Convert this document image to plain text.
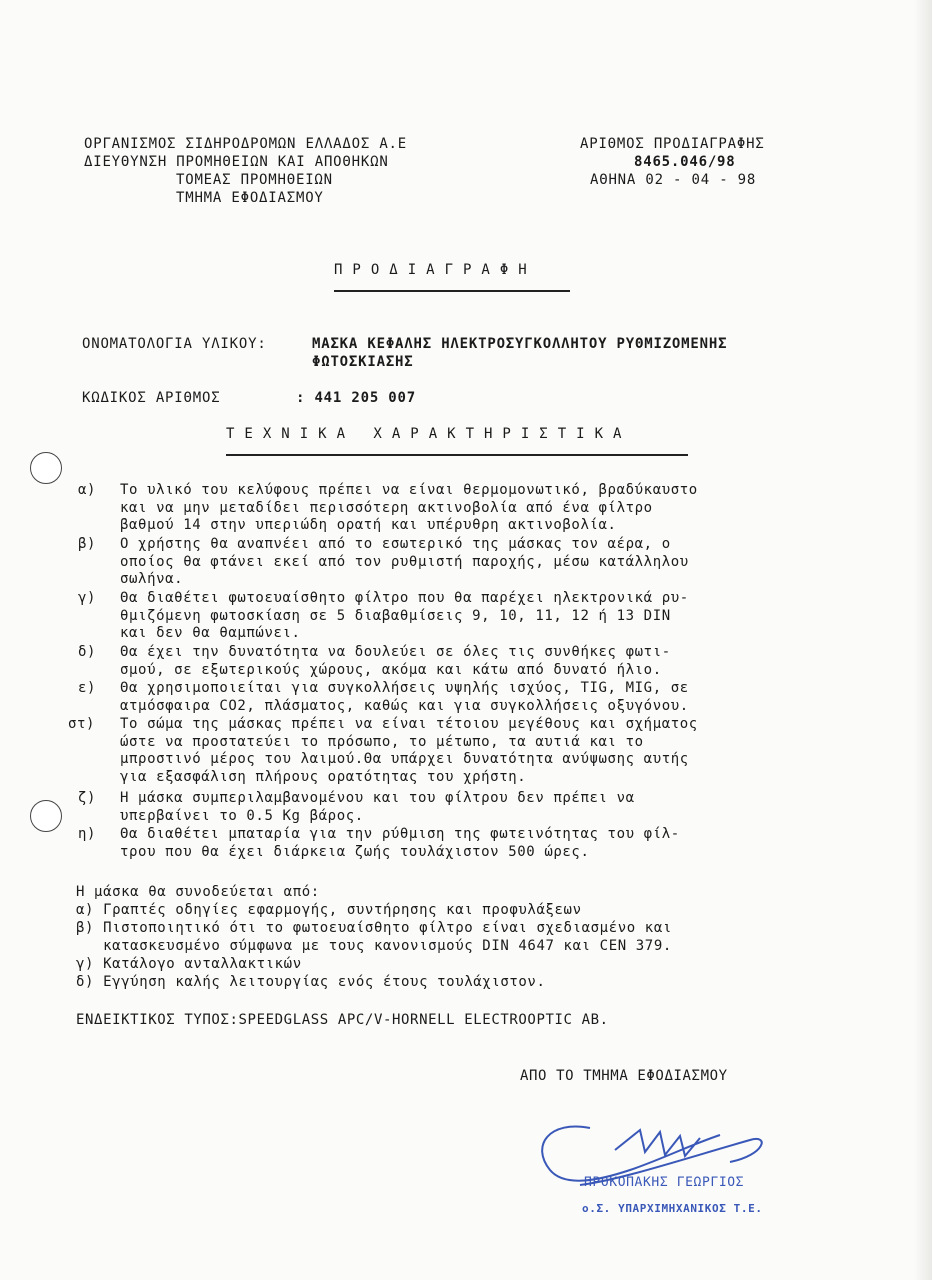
ΟΡΓΑΝΙΣΜΟΣ ΣΙΔΗΡΟΔΡΟΜΩΝ ΕΛΛΑΔΟΣ Α.Ε
ΔΙΕΥΘΥΝΣΗ ΠΡΟΜΗΘΕΙΩΝ ΚΑΙ ΑΠΟΘΗΚΩΝ
ΤΟΜΕΑΣ ΠΡΟΜΗΘΕΙΩΝ
ΤΜΗΜΑ ΕΦΟΔΙΑΣΜΟΥ
ΑΡΙΘΜΟΣ ΠΡΟΔΙΑΓΡΑΦΗΣ
8465.046/98
ΑΘΗΝΑ 02 - 04 - 98
ΠΡΟΔΙΑΓΡΑΦΗ
ΟΝΟΜΑΤΟΛΟΓΙΑ ΥΛΙΚΟΥ:	ΜΑΣΚΑ ΚΕΦΑΛΗΣ ΗΛΕΚΤΡΟΣΥΓΚΟΛΛΗΤΟΥ ΡΥΘΜΙΖΟΜΕΝΗΣ
ΦΩΤΟΣΚΙΑΣΗΣ
ΚΩΔΙΚΟΣ ΑΡΙΘΜΟΣ	: 441 205 007
ΤΕΧΝΙΚΑ ΧΑΡΑΚΤΗΡΙΣΤΙΚΑ
α) Το υλικό του κελύφους πρέπει να είναι θερμομονωτικό, βραδύκαυστο
και να μην μεταδίδει περισσότερη ακτινοβολία από ένα φίλτρο
βαθμού 14 στην υπεριώδη ορατή και υπέρυθρη ακτινοβολία.
β) Ο χρήστης θα αναπνέει από το εσωτερικό της μάσκας τον αέρα, ο
οποίος θα φτάνει εκεί από τον ρυθμιστή παροχής, μέσω κατάλληλου
σωλήνα.
γ) Θα διαθέτει φωτοευαίσθητο φίλτρο που θα παρέχει ηλεκτρονικά ρυ-
θμιζόμενη φωτοσκίαση σε 5 διαβαθμίσεις 9, 10, 11, 12 ή 13 DIN
και δεν θα θαμπώνει.
δ) Θα έχει την δυνατότητα να δουλεύει σε όλες τις συνθήκες φωτι-
σμού, σε εξωτερικούς χώρους, ακόμα και κάτω από δυνατό ήλιο.
ε) Θα χρησιμοποιείται για συγκολλήσεις υψηλής ισχύος, TIG, MIG, σε
ατμόσφαιρα CO2, πλάσματος, καθώς και για συγκολλήσεις οξυγόνου.
στ) Το σώμα της μάσκας πρέπει να είναι τέτοιου μεγέθους και σχήματος
ώστε να προστατεύει το πρόσωπο, το μέτωπο, τα αυτιά και το
μπροστινό μέρος του λαιμού.Θα υπάρχει δυνατότητα ανύψωσης αυτής
για εξασφάλιση πλήρους ορατότητας του χρήστη.
ζ) Η μάσκα συμπεριλαμβανομένου και του φίλτρου δεν πρέπει να
υπερβαίνει το 0.5 Kg βάρος.
η) Θα διαθέτει μπαταρία για την ρύθμιση της φωτεινότητας του φίλ-
τρου που θα έχει διάρκεια ζωής τουλάχιστον 500 ώρες.
Η μάσκα θα συνοδεύεται από:
α) Γραπτές οδηγίες εφαρμογής, συντήρησης και προφυλάξεων
β) Πιστοποιητικό ότι το φωτοευαίσθητο φίλτρο είναι σχεδιασμένο και
κατασκευσμένο σύμφωνα με τους κανονισμούς DIN 4647 και CEN 379.
γ) Κατάλογο ανταλλακτικών
δ) Εγγύηση καλής λειτουργίας ενός έτους τουλάχιστον.
ΕΝΔΕΙΚΤΙΚΟΣ ΤΥΠΟΣ:SPEEDGLASS APC/V-HORNELL ELECTROOPTIC AB.
ΑΠΟ ΤΟ ΤΜΗΜΑ ΕΦΟΔΙΑΣΜΟΥ
ΠΡΟΚΟΠΑΚΗΣ ΓΕΩΡΓΙΟΣ
ο.Σ. ΥΠΑΡΧΙΜΗΧΑΝΙΚΟΣ Τ.Ε.
